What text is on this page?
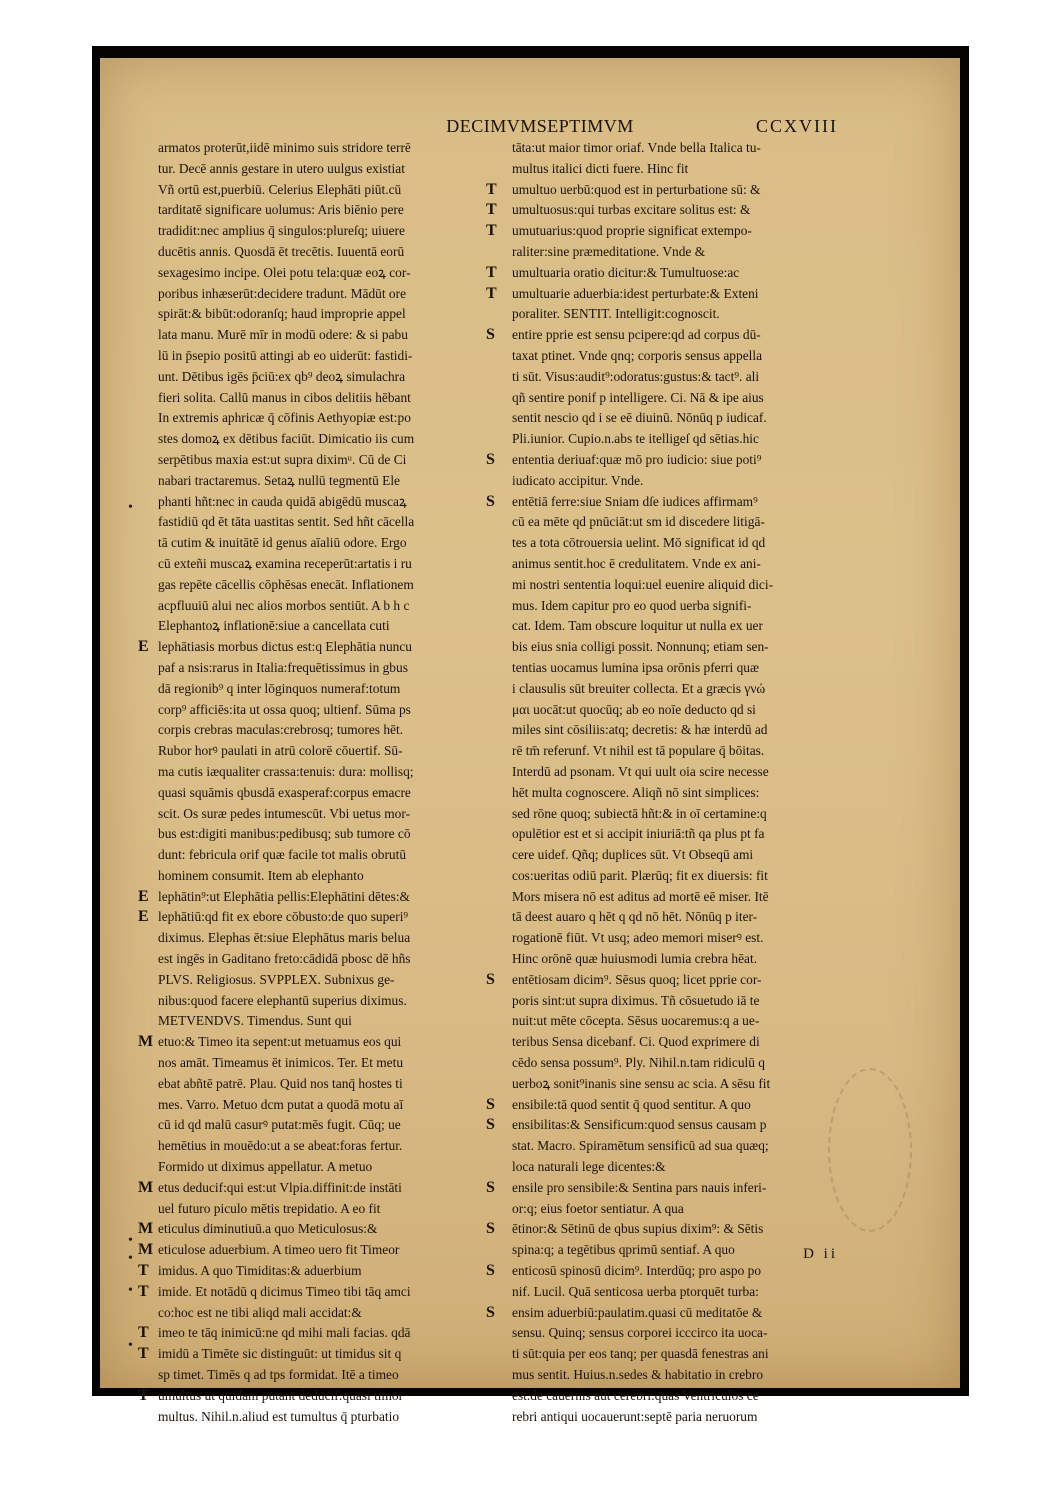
DECIMVMSEPTIMVM	CCXVIII
armatos proterūt,iidē minimo suis stridore terrē
tur. Decē annis gestare in utero uulgus existiat
Vñ ortū est,puerbiū. Celerius Elephāti piūt.cū
tarditatē significare uolumus: Aris biēnio pere
tradidit:nec amplius q̄ singulos:plureſq; uiuere
ducētis annis. Quosdā ēt trecētis. Iuuentā eorū
sexagesimo incipe. Olei potu tela:quæ eoꝝ cor-
poribus inhæserūt:decidere tradunt. Mādūt ore
spirāt:& bibūt:odoranſq; haud improprie appel
lata manu. Murē mīr in modū odere: & si pabu
lū in p̄sepio positū attingi ab eo uiderūt: fastidi-
unt. Dētibus igēs p̄ciū:ex qb⁹ deoꝝ simulachra
fieri solita. Callū manus in cibos delitiis hēbant
In extremis aphricæ q̄ cōfinis Aethyopiæ est:po
stes domoꝝ ex dētibus faciūt. Dimicatio iis cum
serpētibus maxia est:ut supra diximᵘ. Cū de Ci
nabari tractaremus. Setaꝝ nullū tegmentū Ele
phanti hñt:nec in cauda quidā abigēdū muscaꝝ
fastidiū qd ēt tāta uastitas sentit. Sed hñt cācella
tā cutim & inuitātē id genus aīaliū odore. Ergo
cū exteñi muscaꝝ examina receperūt:artatis i ru
gas repēte cācellis cōphēsas enecāt. Inflationem
acpfluuiū alui nec alios morbos sentiūt. A b h c
Elephantoꝝ inflationē:siue a cancellata cuti
E lephātiasis morbus dictus est:q Elephātia nuncu
paf a nsis:rarus in Italia:frequētissimus in gbus
dā regionib⁹ q inter lōginquos numeraf:totum
corp⁹ afficiēs:ita ut ossa quoq; ultienf. Sūma ps
corpis crebras maculas:crebrosq; tumores hēt.
Rubor horꝰ paulati in atrū colorē cōuertif. Sū-
ma cutis iæqualiter crassa:tenuis: dura: mollisq;
quasi squāmis qbusdā exasperaf:corpus emacre
scit. Os suræ pedes intumescūt. Vbi uetus mor-
bus est:digiti manibus:pedibusq; sub tumore cō
dunt: febricula orif quæ facile tot malis obrutū
hominem consumit. Item ab elephanto
E lephātin⁹:ut Elephātia pellis:Elephātini dētes:&
E lephātiū:qd fit ex ebore cōbusto:de quo superi⁹
diximus. Elephas ēt:siue Elephātus maris belua
est ingēs in Gaditano freto:cādidā pbosc dē hñs
PLVS. Religiosus. SVPPLEX. Subnixus ge-
nibus:quod facere elephantū superius diximus.
METVENDVS. Timendus. Sunt qui
M etuo:& Timeo ita sepent:ut metuamus eos qui
nos amāt. Timeamus ēt inimicos. Ter. Et metu
ebat abñtē patrē. Plau. Quid nos tanq̄ hostes ti
mes. Varro. Metuo dcm putat a quodā motu aī
cū id qd malū casurꝰ putat:mēs fugit. Cūq; ue
hemētius in mouēdo:ut a se abeat:foras fertur.
Formido ut diximus appellatur. A metuo
M etus deducif:qui est:ut Vlpia.diffinit:de instāti
uel futuro piculo mētis trepidatio. A eo fit
M eticulus diminutiuū.a quo Meticulosus:&
M eticulose aduerbium. A timeo uero fit Timeor
T imidus. A quo Timiditas:& aduerbium
T imide. Et notādū q dicimus Timeo tibi tāq amci
co:hoc est ne tibi aliqd mali accidat:&
T imeo te tāq inimicū:ne qd mihi mali facias. qdā
T imidū a Timēte sic distinguūt: ut timidus sit q
sp timet. Timēs q ad tps formidat. Itē a timeo
T umultus ut quidam putant deducif:quasi timor
multus. Nihil.n.aliud est tumultus q̄ pturbatio
tāta:ut maior timor oriaf. Vnde bella Italica tu-
multus italici dicti fuere. Hinc fit
T umultuo uerbū:quod est in perturbatione sū: &
T umultuosus:qui turbas excitare solitus est: &
T umutuarius:quod proprie significat extempo-
raliter:sine præmeditatione. Vnde &
T umultuaria oratio dicitur:& Tumultuose:ac
T umultuarie aduerbia:idest perturbate:& Exteni
poraliter. SENTIT. Intelligit:cognoscit.
S entire pprie est sensu pcipere:qd ad corpus dū-
taxat ptinet. Vnde qnq; corporis sensus appella
ti sūt. Visus:audit⁹:odoratus:gustus:& tact⁹. ali
qñ sentire ponif p intelligere. Ci. Nā & ipe aius
sentit nescio qd i se eē diuinū. Nōnūq p iudicaf.
Pli.iunior. Cupio.n.abs te itelligeſ qd sētias.hic
S ententia deriuaf:quæ mō pro iudicio: siue poti⁹
iudicato accipitur. Vnde.
S entētiā ferre:siue Sniam dſe iudices affirmam⁹
cū ea mēte qd pnūciāt:ut sm id discedere litigā-
tes a tota cōtrouersia uelint. Mō significat id qd
animus sentit.hoc ē credulitatem. Vnde ex ani-
mi nostri sententia loqui:uel euenire aliquid dici-
mus. Idem capitur pro eo quod uerba signifi-
cat. Idem. Tam obscure loquitur ut nulla ex uer
bis eius snia colligi possit. Nonnunq; etiam sen-
tentias uocamus lumina ipsa orōnis pferri quæ
i clausulis sūt breuiter collecta. Et a græcis γνώ
μαι uocāt:ut quocūq; ab eo noīe deducto qd si
miles sint cōsiliis:atq; decretis: & hæ interdū ad
rē tm̄ referunf. Vt nihil est tā populare q̄ bōitas.
Interdū ad psonam. Vt qui uult oia scire necesse
hēt multa cognoscere. Aliqñ nō sint simplices:
sed rōne quoq; subiectā hñt:& in oī certamine:q
opulētior est et si accipit iniuriā:tñ qa plus pt fa
cere uidef. Qñq; duplices sūt. Vt Obseqū ami
cos:ueritas odiū parit. Plærūq; fit ex diuersis: fit
Mors misera nō est aditus ad mortē eē miser. Itē
tā deest auaro q hēt q qd nō hēt. Nōnūq p iter-
rogationē fiūt. Vt usq; adeo memori miserꝰ est.
Hinc orōnē quæ huiusmodi lumia crebra hēat.
S entētiosam dicim⁹. Sēsus quoq; licet pprie cor-
poris sint:ut supra diximus. Tñ cōsuetudo iā te
nuit:ut mēte cōcepta. Sēsus uocaremus:q a ue-
teribus Sensa dicebanf. Ci. Quod exprimere di
cēdo sensa possum⁹. Ply. Nihil.n.tam ridiculū q
uerboꝝ sonit⁹inanis sine sensu ac scia. A sēsu fit
S ensibile:tā quod sentit q̄ quod sentitur. A quo
S ensibilitas:& Sensificum:quod sensus causam p
stat. Macro. Spiramētum sensificū ad sua quæq;
loca naturali lege dicentes:&
S ensile pro sensibile:& Sentina pars nauis inferi-
or:q; eius foetor sentiatur. A qua
S ētinor:& Sētinū de qbus supius dixim⁹: & Sētis
spina:q; a tegētibus qprimū sentiaf. A quo
S enticosū spinosū dicim⁹. Interdūq; pro aspo po
nif. Lucil. Quā senticosa uerba ptorquēt turba:
S ensim aduerbiū:paulatim.quasi cū meditatōe &
sensu. Quinq; sensus corporei icccirco ita uoca-
ti sūt:quia per eos tanq; per quasdā fenestras ani
mus sentit. Huius.n.sedes & habitatio in crebro
est.de cauernis aūt cerebri:quas Ventriculos ce
rebri antiqui uocauerunt:septē paria neruorum
D ii
•
•
•
•
•
